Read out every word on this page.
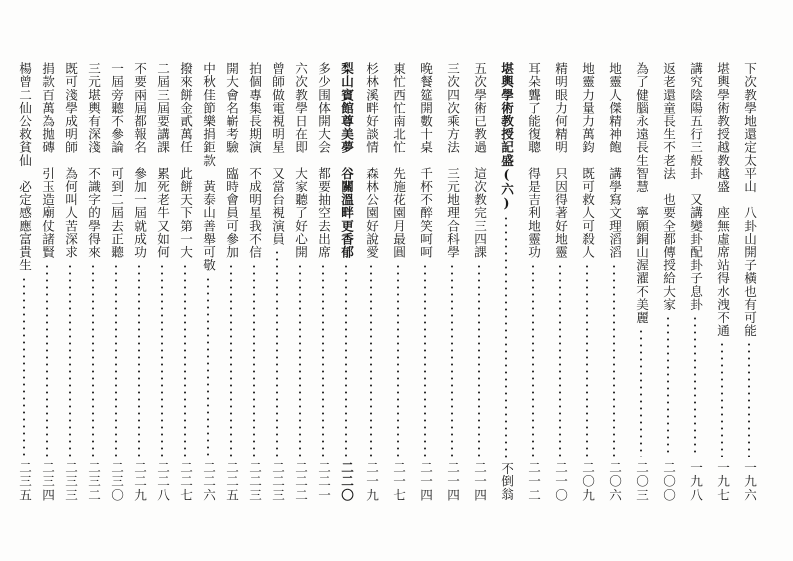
下次教學地還定太平山　八卦山開子橫也有可能
一九六
堪輿學術教授越教越盛　座無虛席站得水洩不通
一九七
講究陰陽五行三般卦　又講變卦配卦子息卦
一九八
返老還童長生不老法　也要全都傳授給大家
二〇〇
為了健腦永遠長生智慧　寧願銅山渥濯不美麗
二〇三
地靈人傑精神飽　講學寫文理滔滔
二〇六
地靈力量力萬鈞　既可救人可殺人
二〇九
精明眼力何精明　只因得著好地靈
二一〇
耳朵聾了能復聰　得是吉利地靈功
二一二
堪輿學術教授記盛(六)
不倒翁
五次學術已教過　這次教完三四課
二一四
三次四次乘方法　三元地理合科學
二一四
晚餐筵開數十桌　千杯不醉笑呵呵
二一四
東忙西忙南北忙　先施花園月最圓
二一七
杉林溪畔好談情　森林公園好說愛
二一九
梨山賓館尊美夢　谷關溫畔更香郁
二二〇
多少围体開大会　都要抽空去出席
二二一
六次教學日在即　大家聽了好心開
二二二
曾師做電視明星　又當台視演員
二二三
拍個專集長期演　不成明星我不信
二二三
開大會名嶄考驗　臨時會員可參加
二二五
中秋佳節樂捐鉅款　黃泰山善舉可敬
二二六
撥來餅金貳萬任　此餅天下第一大
二二七
二屆三屆要講課　累死老牛又如何
二二八
不要兩屆都報名　參加一屆就成功
二二九
一屆旁聽不參論　可到二屆去正聽
二三〇
三元堪輿有深淺　不識字的學得來
二三二
既可淺學成明師　為何叫人苦深求
二三三
捐款百萬為拋磚　引玉造廟仗諸賢
二三四
楊曾二仙公救貧仙　必定感應富貴生
二三五
